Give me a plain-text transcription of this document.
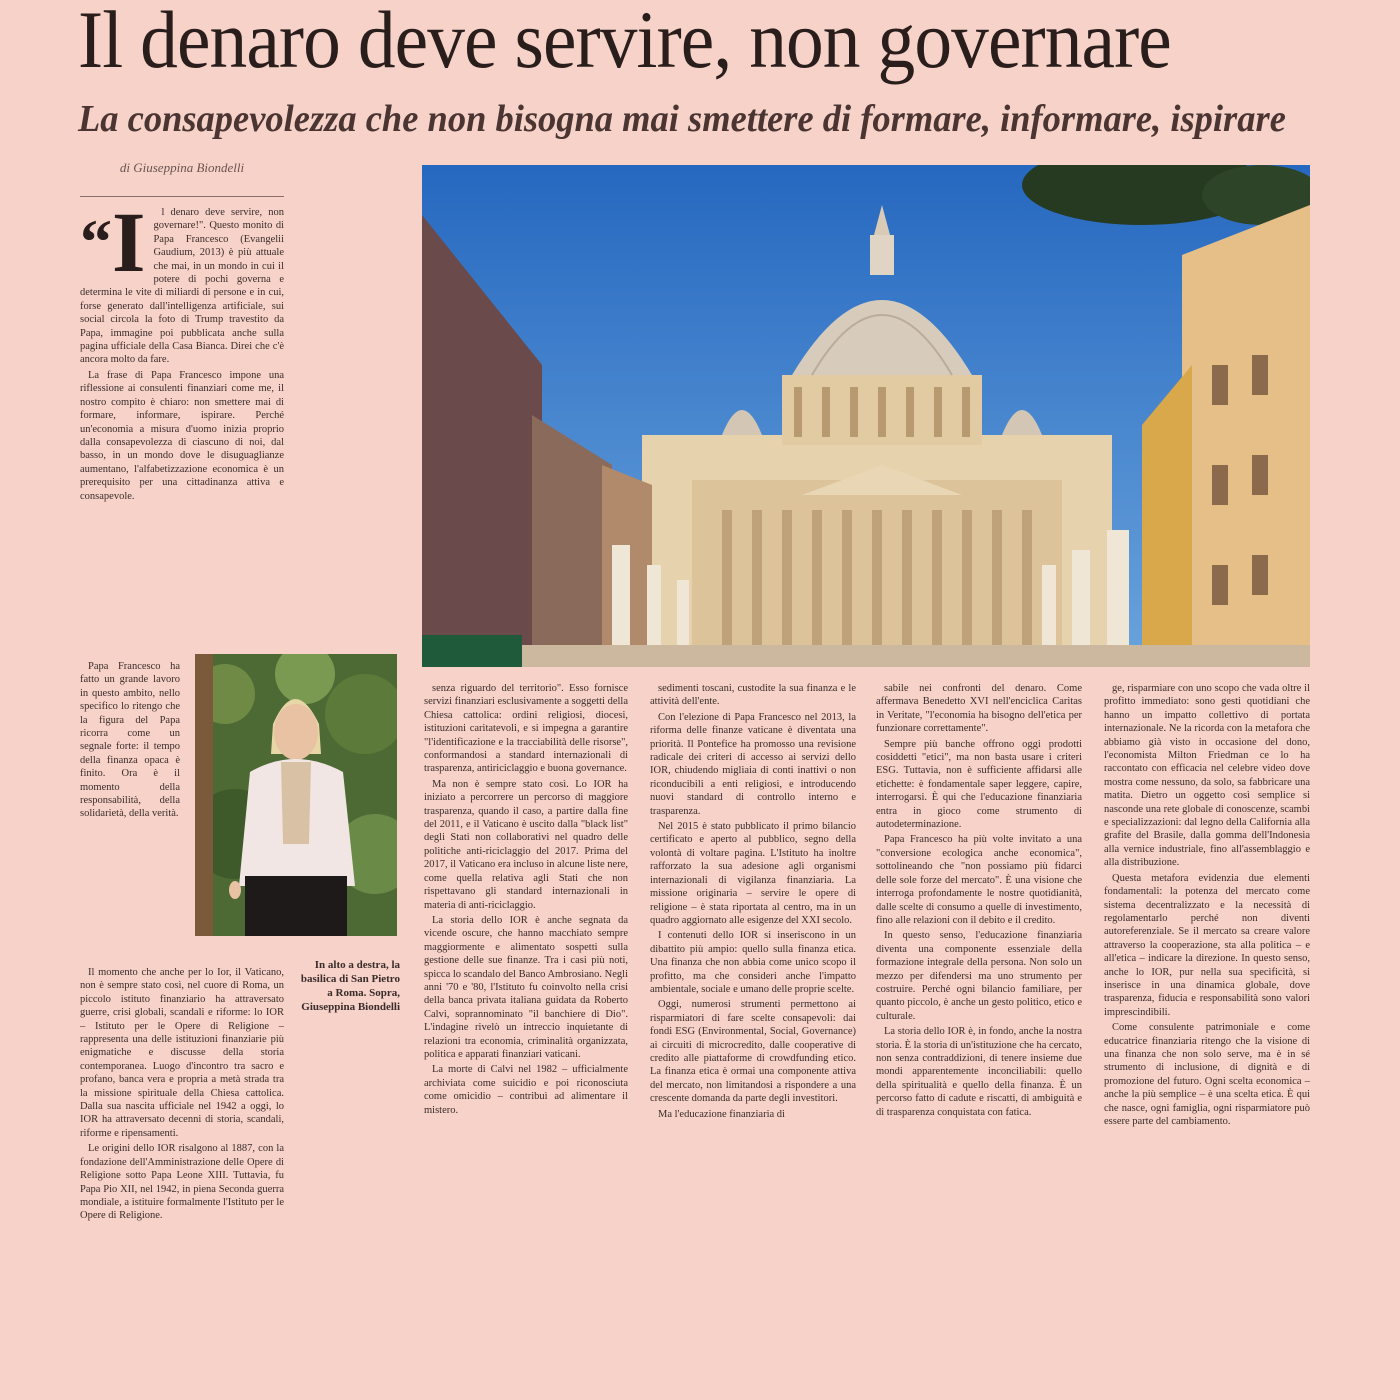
Il denaro deve servire, non governare
La consapevolezza che non bisogna mai smettere di formare, informare, ispirare
di Giuseppina Biondelli
“I	l denaro deve servire, non governare!". Questo monito di Papa Francesco (Evangelii Gaudium, 2013) è più attuale che mai, in un mondo in cui il potere di pochi governa e determina le vite di miliardi di persone e in cui, forse generato dall'intelligenza artificiale, sui social circola la foto di Trump travestito da Papa, immagine poi pubblicata anche sulla pagina ufficiale della Casa Bianca. Direi che c'è ancora molto da fare.

La frase di Papa Francesco impone una riflessione ai consulenti finanziari come me, il nostro compito è chiaro: non smettere mai di formare, informare, ispirare. Perché un'economia a misura d'uomo inizia proprio dalla consapevolezza di ciascuno di noi, dal basso, in un mondo dove le disuguaglianze aumentano, l'alfabetizzazione economica è un prerequisito per una cittadinanza attiva e consapevole.

Papa Francesco ha fatto un grande lavoro in questo ambito, nello specifico lo ritengo che la figura del Papa ricorra come un segnale forte: il tempo della finanza opaca è finito. Ora è il momento della responsabilità, della solidarietà, della verità.

Il momento che anche per lo Ior, il Vaticano, non è sempre stato così, nel cuore di Roma, un piccolo istituto finanziario ha attraversato guerre, crisi globali, scandali e riforme: lo IOR – Istituto per le Opere di Religione – rappresenta una delle istituzioni finanziarie più enigmatiche e discusse della storia contemporanea. Luogo d'incontro tra sacro e profano, banca vera e propria a metà strada tra la missione spirituale della Chiesa cattolica. Dalla sua nascita ufficiale nel 1942 a oggi, lo IOR ha attraversato decenni di storia, scandali, riforme e ripensamenti.

Le origini dello IOR risalgono al 1887, con la fondazione dell'Amministrazione delle Opere di Religione sotto Papa Leone XIII. Tuttavia, fu Papa Pio XII, nel 1942, in piena Seconda guerra mondiale, a istituire formalmente l'Istituto per le Opere di Religione.

In alto a destra, la basilica di San Pietro a Roma. Sopra, Giuseppina Biondelli

senza riguardo del territorio". Esso fornisce servizi finanziari esclusivamente a soggetti della Chiesa cattolica: ordini religiosi, diocesi, istituzioni caritatevoli, e si impegna a garantire "l'identificazione e la tracciabilità delle risorse", conformandosi a standard internazionali di trasparenza, antiriciclaggio e buona governance.

Ma non è sempre stato così. Lo IOR ha iniziato a percorrere un percorso di maggiore trasparenza, quando il caso, a partire dalla fine del 2011, e il Vaticano è uscito dalla "black list" degli Stati non collaborativi nel quadro delle politiche anti-riciclaggio del 2017. Prima del 2017, il Vaticano era incluso in alcune liste nere, come quella relativa agli Stati che non rispettavano gli standard internazionali in materia di anti-riciclaggio.

La storia dello IOR è anche segnata da vicende oscure, che hanno macchiato sempre maggiormente e alimentato sospetti sulla gestione delle sue finanze. Tra i casi più noti, spicca lo scandalo del Banco Ambrosiano. Negli anni '70 e '80, l'Istituto fu coinvolto nella crisi della banca privata italiana guidata da Roberto Calvi, soprannominato "il banchiere di Dio". L'indagine rivelò un intreccio inquietante di relazioni tra economia, criminalità organizzata, politica e apparati finanziari vaticani.

La morte di Calvi nel 1982 – ufficialmente archiviata come suicidio e poi riconosciuta come omicidio – contribuì ad alimentare il mistero.

sedimenti toscani, custodite la sua finanza e le attività dell'ente.

Con l'elezione di Papa Francesco nel 2013, la riforma delle finanze vaticane è diventata una priorità. Il Pontefice ha promosso una revisione radicale dei criteri di accesso ai servizi dello IOR, chiudendo migliaia di conti inattivi o non riconducibili a enti religiosi, e introducendo nuovi standard di controllo interno e trasparenza.

Nel 2015 è stato pubblicato il primo bilancio certificato e aperto al pubblico, segno della volontà di voltare pagina. L'Istituto ha inoltre rafforzato la sua adesione agli organismi internazionali di vigilanza finanziaria. La missione originaria – servire le opere di religione – è stata riportata al centro, ma in un quadro aggiornato alle esigenze del XXI secolo.

I contenuti dello IOR si inseriscono in un dibattito più ampio: quello sulla finanza etica. Una finanza che non abbia come unico scopo il profitto, ma che consideri anche l'impatto ambientale, sociale e umano delle proprie scelte.

Oggi, numerosi strumenti permettono ai risparmiatori di fare scelte consapevoli: dai fondi ESG (Environmental, Social, Governance) ai circuiti di microcredito, dalle cooperative di credito alle piattaforme di crowdfunding etico. La finanza etica è ormai una componente attiva del mercato, non limitandosi a rispondere a una crescente domanda da parte degli investitori.

Ma l'educazione finanziaria di

sabile nei confronti del denaro. Come affermava Benedetto XVI nell'enciclica Caritas in Veritate, "l'economia ha bisogno dell'etica per funzionare correttamente".

Sempre più banche offrono oggi prodotti cosiddetti "etici", ma non basta usare i criteri ESG. Tuttavia, non è sufficiente affidarsi alle etichette: è fondamentale saper leggere, capire, interrogarsi. È qui che l'educazione finanziaria entra in gioco come strumento di autodeterminazione.

Papa Francesco ha più volte invitato a una "conversione ecologica anche economica", sottolineando che "non possiamo più fidarci delle sole forze del mercato". È una visione che interroga profondamente le nostre quotidianità, dalle scelte di consumo a quelle di investimento, fino alle relazioni con il debito e il credito.

In questo senso, l'educazione finanziaria diventa una componente essenziale della formazione integrale della persona. Non solo un mezzo per difendersi ma uno strumento per costruire. Perché ogni bilancio familiare, per quanto piccolo, è anche un gesto politico, etico e culturale.

La storia dello IOR è, in fondo, anche la nostra storia. È la storia di un'istituzione che ha cercato, non senza contraddizioni, di tenere insieme due mondi apparentemente inconciliabili: quello della spiritualità e quello della finanza. È un percorso fatto di cadute e riscatti, di ambiguità e di trasparenza conquistata con fatica.

ge, risparmiare con uno scopo che vada oltre il profitto immediato: sono gesti quotidiani che hanno un impatto collettivo di portata internazionale. Ne la ricorda con la metafora che abbiamo già visto in occasione del dono, l'economista Milton Friedman ce lo ha raccontato con efficacia nel celebre video dove mostra come nessuno, da solo, sa fabbricare una matita. Dietro un oggetto così semplice si nasconde una rete globale di conoscenze, scambi e specializzazioni: dal legno della California alla grafite del Brasile, dalla gomma dell'Indonesia alla vernice industriale, fino all'assemblaggio e alla distribuzione.

Questa metafora evidenzia due elementi fondamentali: la potenza del mercato come sistema decentralizzato e la necessità di regolamentarlo perché non diventi autoreferenziale. Se il mercato sa creare valore attraverso la cooperazione, sta alla politica – e all'etica – indicare la direzione. In questo senso, anche lo IOR, pur nella sua specificità, si inserisce in una dinamica globale, dove trasparenza, fiducia e responsabilità sono valori imprescindibili.

Come consulente patrimoniale e come educatrice finanziaria ritengo che la visione di una finanza che non solo serve, ma è in sé strumento di inclusione, di dignità e di promozione del futuro. Ogni scelta economica – anche la più semplice – è una scelta etica. È qui che nasce, ogni famiglia, ogni risparmiatore può essere parte del cambiamento.
